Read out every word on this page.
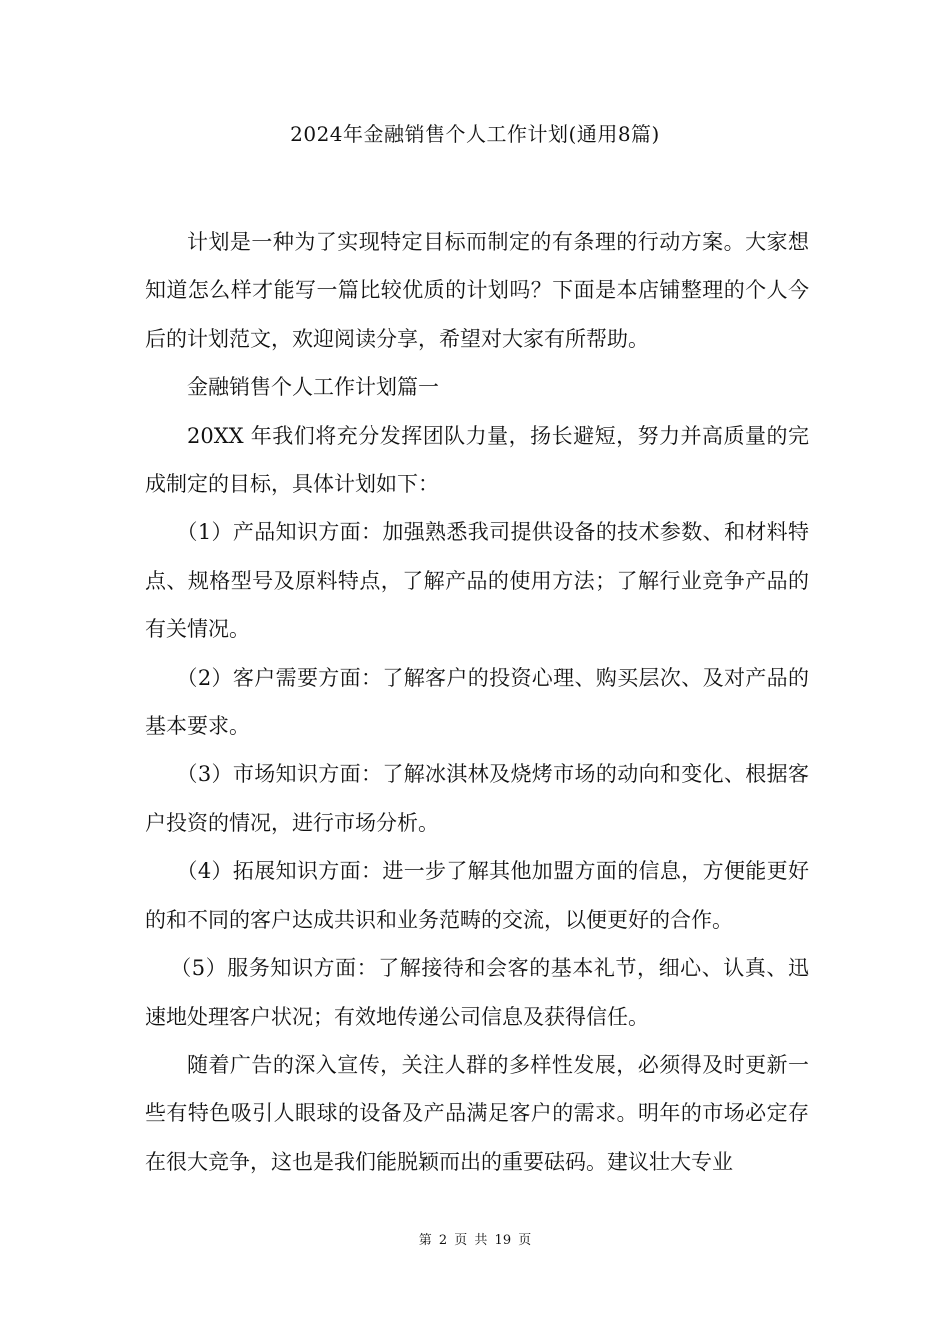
2024年金融销售个人工作计划(通用8篇)

计划是一种为了实现特定目标而制定的有条理的行动方案。大家想知道怎么样才能写一篇比较优质的计划吗？下面是本店铺整理的个人今后的计划范文，欢迎阅读分享，希望对大家有所帮助。

金融销售个人工作计划篇一

20XX 年我们将充分发挥团队力量，扬长避短，努力并高质量的完成制定的目标，具体计划如下：

（1）产品知识方面：加强熟悉我司提供设备的技术参数、和材料特点、规格型号及原料特点，了解产品的使用方法；了解行业竞争产品的有关情况。

（2）客户需要方面：了解客户的投资心理、购买层次、及对产品的基本要求。

（3）市场知识方面：了解冰淇林及烧烤市场的动向和变化、根据客户投资的情况，进行市场分析。

（4）拓展知识方面：进一步了解其他加盟方面的信息，方便能更好的和不同的客户达成共识和业务范畴的交流，以便更好的合作。

（5）服务知识方面：了解接待和会客的基本礼节，细心、认真、迅速地处理客户状况；有效地传递公司信息及获得信任。

随着广告的深入宣传，关注人群的多样性发展，必须得及时更新一些有特色吸引人眼球的设备及产品满足客户的需求。明年的市场必定存在很大竞争，这也是我们能脱颖而出的重要砝码。建议壮大专业

第 2 页 共 19 页
